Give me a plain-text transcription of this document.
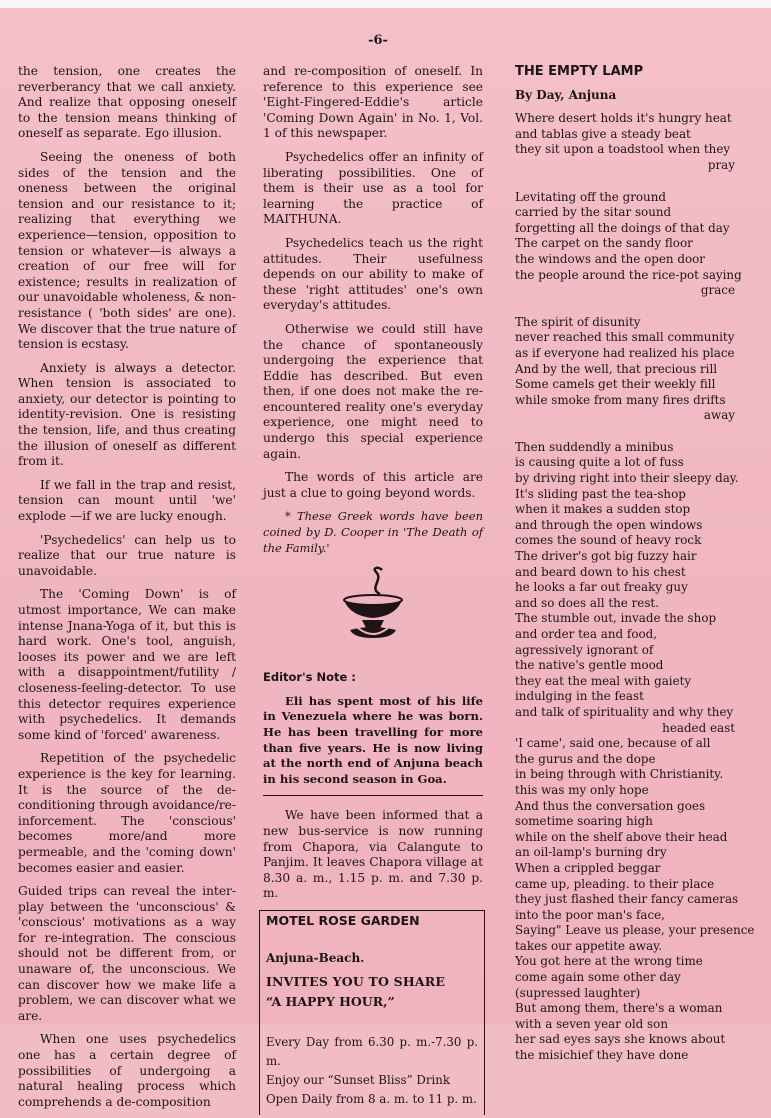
-6-

the tension, one creates the reverberancy that we call anxiety. And realize that opposing oneself to the tension means thinking of oneself as separate. Ego illusion.

Seeing the oneness of both sides of the tension and the oneness between the original tension and our resistance to it; realizing that everything we experience—tension, opposition to tension or whatever—is always a creation of our free will for existence; results in realization of our unavoidable wholeness, & non-resistance ( 'both sides' are one). We discover that the true nature of tension is ecstasy.

Anxiety is always a detector. When tension is associated to anxiety, our detector is pointing to identity-revision. One is resisting the tension, life, and thus creating the illusion of oneself as different from it.

If we fall in the trap and resist, tension can mount until 'we' explode —if we are lucky enough.

'Psychedelics' can help us to realize that our true nature is unavoidable.

The 'Coming Down' is of utmost importance, We can make intense Jnana-Yoga of it, but this is hard work. One's tool, anguish, looses its power and we are left with a disappointment/futility / closeness-feeling-detector. To use this detector requires experience with psychedelics. It demands some kind of 'forced' awareness.

Repetition of the psychedelic experience is the key for learning. It is the source of the de-conditioning through avoidance/re-inforcement. The 'conscious' becomes more/and more permeable, and the 'coming down' becomes easier and easier.

Guided trips can reveal the inter-play between the 'unconscious' & 'conscious' motivations as a way for re-integration. The conscious should not be different from, or unaware of, the unconscious. We can discover how we make life a problem, we can discover what we are.

When one uses psychedelics one has a certain degree of possibilities of undergoing a natural healing process which comprehends a de-composition

and re-composition of oneself. In reference to this experience see 'Eight-Fingered-Eddie's article 'Coming Down Again' in No. 1, Vol. 1 of this newspaper.

Psychedelics offer an infinity of liberating possibilities. One of them is their use as a tool for learning the practice of MAITHUNA.

Psychedelics teach us the right attitudes. Their usefulness depends on our ability to make of these 'right attitudes' one's own everyday's attitudes.

Otherwise we could still have the chance of spontaneously undergoing the experience that Eddie has described. But even then, if one does not make the re-encountered reality one's everyday experience, one might need to undergo this special experience again.

The words of this article are just a clue to going beyond words.

* These Greek words have been coined by D. Cooper in 'The Death of the Family.'

Editor's Note :

Eli has spent most of his life in Venezuela where he was born. He has been travelling for more than five years. He is now living at the north end of Anjuna beach in his second season in Goa.

We have been informed that a new bus-service is now running from Chapora, via Calangute to Panjim. It leaves Chapora village at 8.30 a. m., 1.15 p. m. and 7.30 p. m.

MOTEL ROSE GARDEN

Anjuna-Beach.

INVITES YOU TO SHARE

“A HAPPY HOUR,”

Every Day from 6.30 p. m.-7.30 p. m.

Enjoy our “Sunset Bliss” Drink

Open Daily from 8 a. m. to 11 p. m.

THE EMPTY LAMP

By Day, Anjuna

Where desert holds it's hungry heat
and tablas give a steady beat
they sit upon a toadstool when they
pray
Levitating off the ground
carried by the sitar sound
forgetting all the doings of that day
The carpet on the sandy floor
the windows and the open door
the people around the rice-pot saying
grace
The spirit of disunity
never reached this small community
as if everyone had realized his place
And by the well, that precious rill
Some camels get their weekly fill
while smoke from many fires drifts
away
Then suddendly a minibus
is causing quite a lot of fuss
by driving right into their sleepy day.
It's sliding past the tea-shop
when it makes a sudden stop
and through the open windows
comes the sound of heavy rock
The driver's got big fuzzy hair
and beard down to his chest
he looks a far out freaky guy
and so does all the rest.
The stumble out, invade the shop
and order tea and food,
agressively ignorant of
the native's gentle mood
they eat the meal with gaiety
indulging in the feast
and talk of spirituality and why they
headed east
'I came', said one, because of all
the gurus and the dope
in being through with Christianity.
this was my only hope
And thus the conversation goes
sometime soaring high
while on the shelf above their head
an oil-lamp's burning dry
When a crippled beggar
came up, pleading. to their place
they just flashed their fancy cameras
into the poor man's face,
Saying" Leave us please, your presence
takes our appetite away.
You got here at the wrong time
come again some other day
(supressed laughter)
But among them, there's a woman
with a seven year old son
her sad eyes says she knows about
the misichief they have done
